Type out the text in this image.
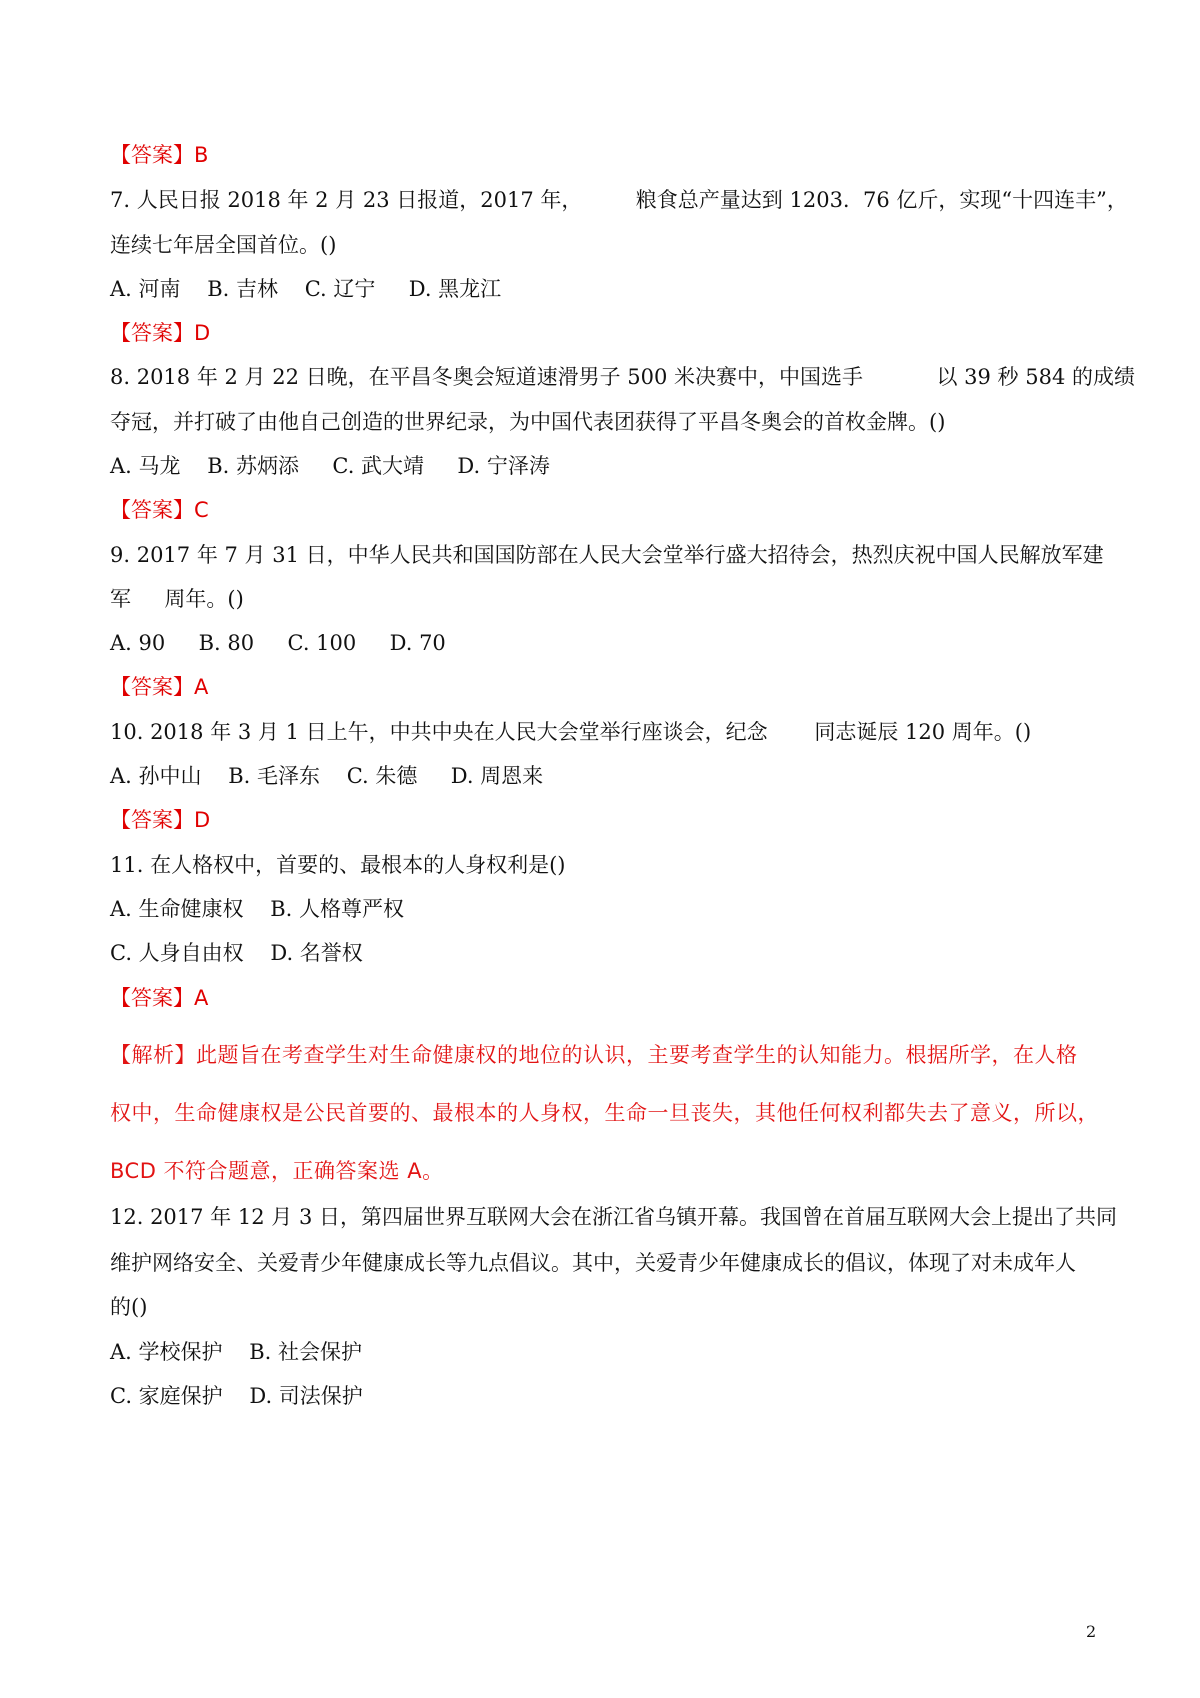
【答案】B
7. 人民日报 2018 年 2 月 23 日报道，2017 年，        粮食总产量达到 1203.  76 亿斤，实现“十四连丰”，
连续七年居全国首位。()
A. 河南    B. 吉林    C. 辽宁     D. 黑龙江
【答案】D
8. 2018 年 2 月 22 日晚，在平昌冬奥会短道速滑男子 500 米决赛中，中国选手           以 39 秒 584 的成绩
夺冠，并打破了由他自己创造的世界纪录，为中国代表团获得了平昌冬奥会的首枚金牌。()
A. 马龙    B. 苏炳添     C. 武大靖     D. 宁泽涛
【答案】C
9. 2017 年 7 月 31 日，中华人民共和国国防部在人民大会堂举行盛大招待会，热烈庆祝中国人民解放军建
军     周年。()
A. 90     B. 80     C. 100     D. 70
【答案】A
10. 2018 年 3 月 1 日上午，中共中央在人民大会堂举行座谈会，纪念       同志诞辰 120 周年。()
A. 孙中山    B. 毛泽东    C. 朱德     D. 周恩来
【答案】D
11. 在人格权中，首要的、最根本的人身权利是()
A. 生命健康权    B. 人格尊严权
C. 人身自由权    D. 名誉权
【答案】A
【解析】此题旨在考查学生对生命健康权的地位的认识，主要考查学生的认知能力。根据所学，在人格
权中，生命健康权是公民首要的、最根本的人身权，生命一旦丧失，其他任何权利都失去了意义，所以，
BCD 不符合题意，正确答案选 A。
12. 2017 年 12 月 3 日，第四届世界互联网大会在浙江省乌镇开幕。我国曾在首届互联网大会上提出了共同
维护网络安全、关爱青少年健康成长等九点倡议。其中，关爱青少年健康成长的倡议，体现了对未成年人
的()
A. 学校保护    B. 社会保护
C. 家庭保护    D. 司法保护
2
